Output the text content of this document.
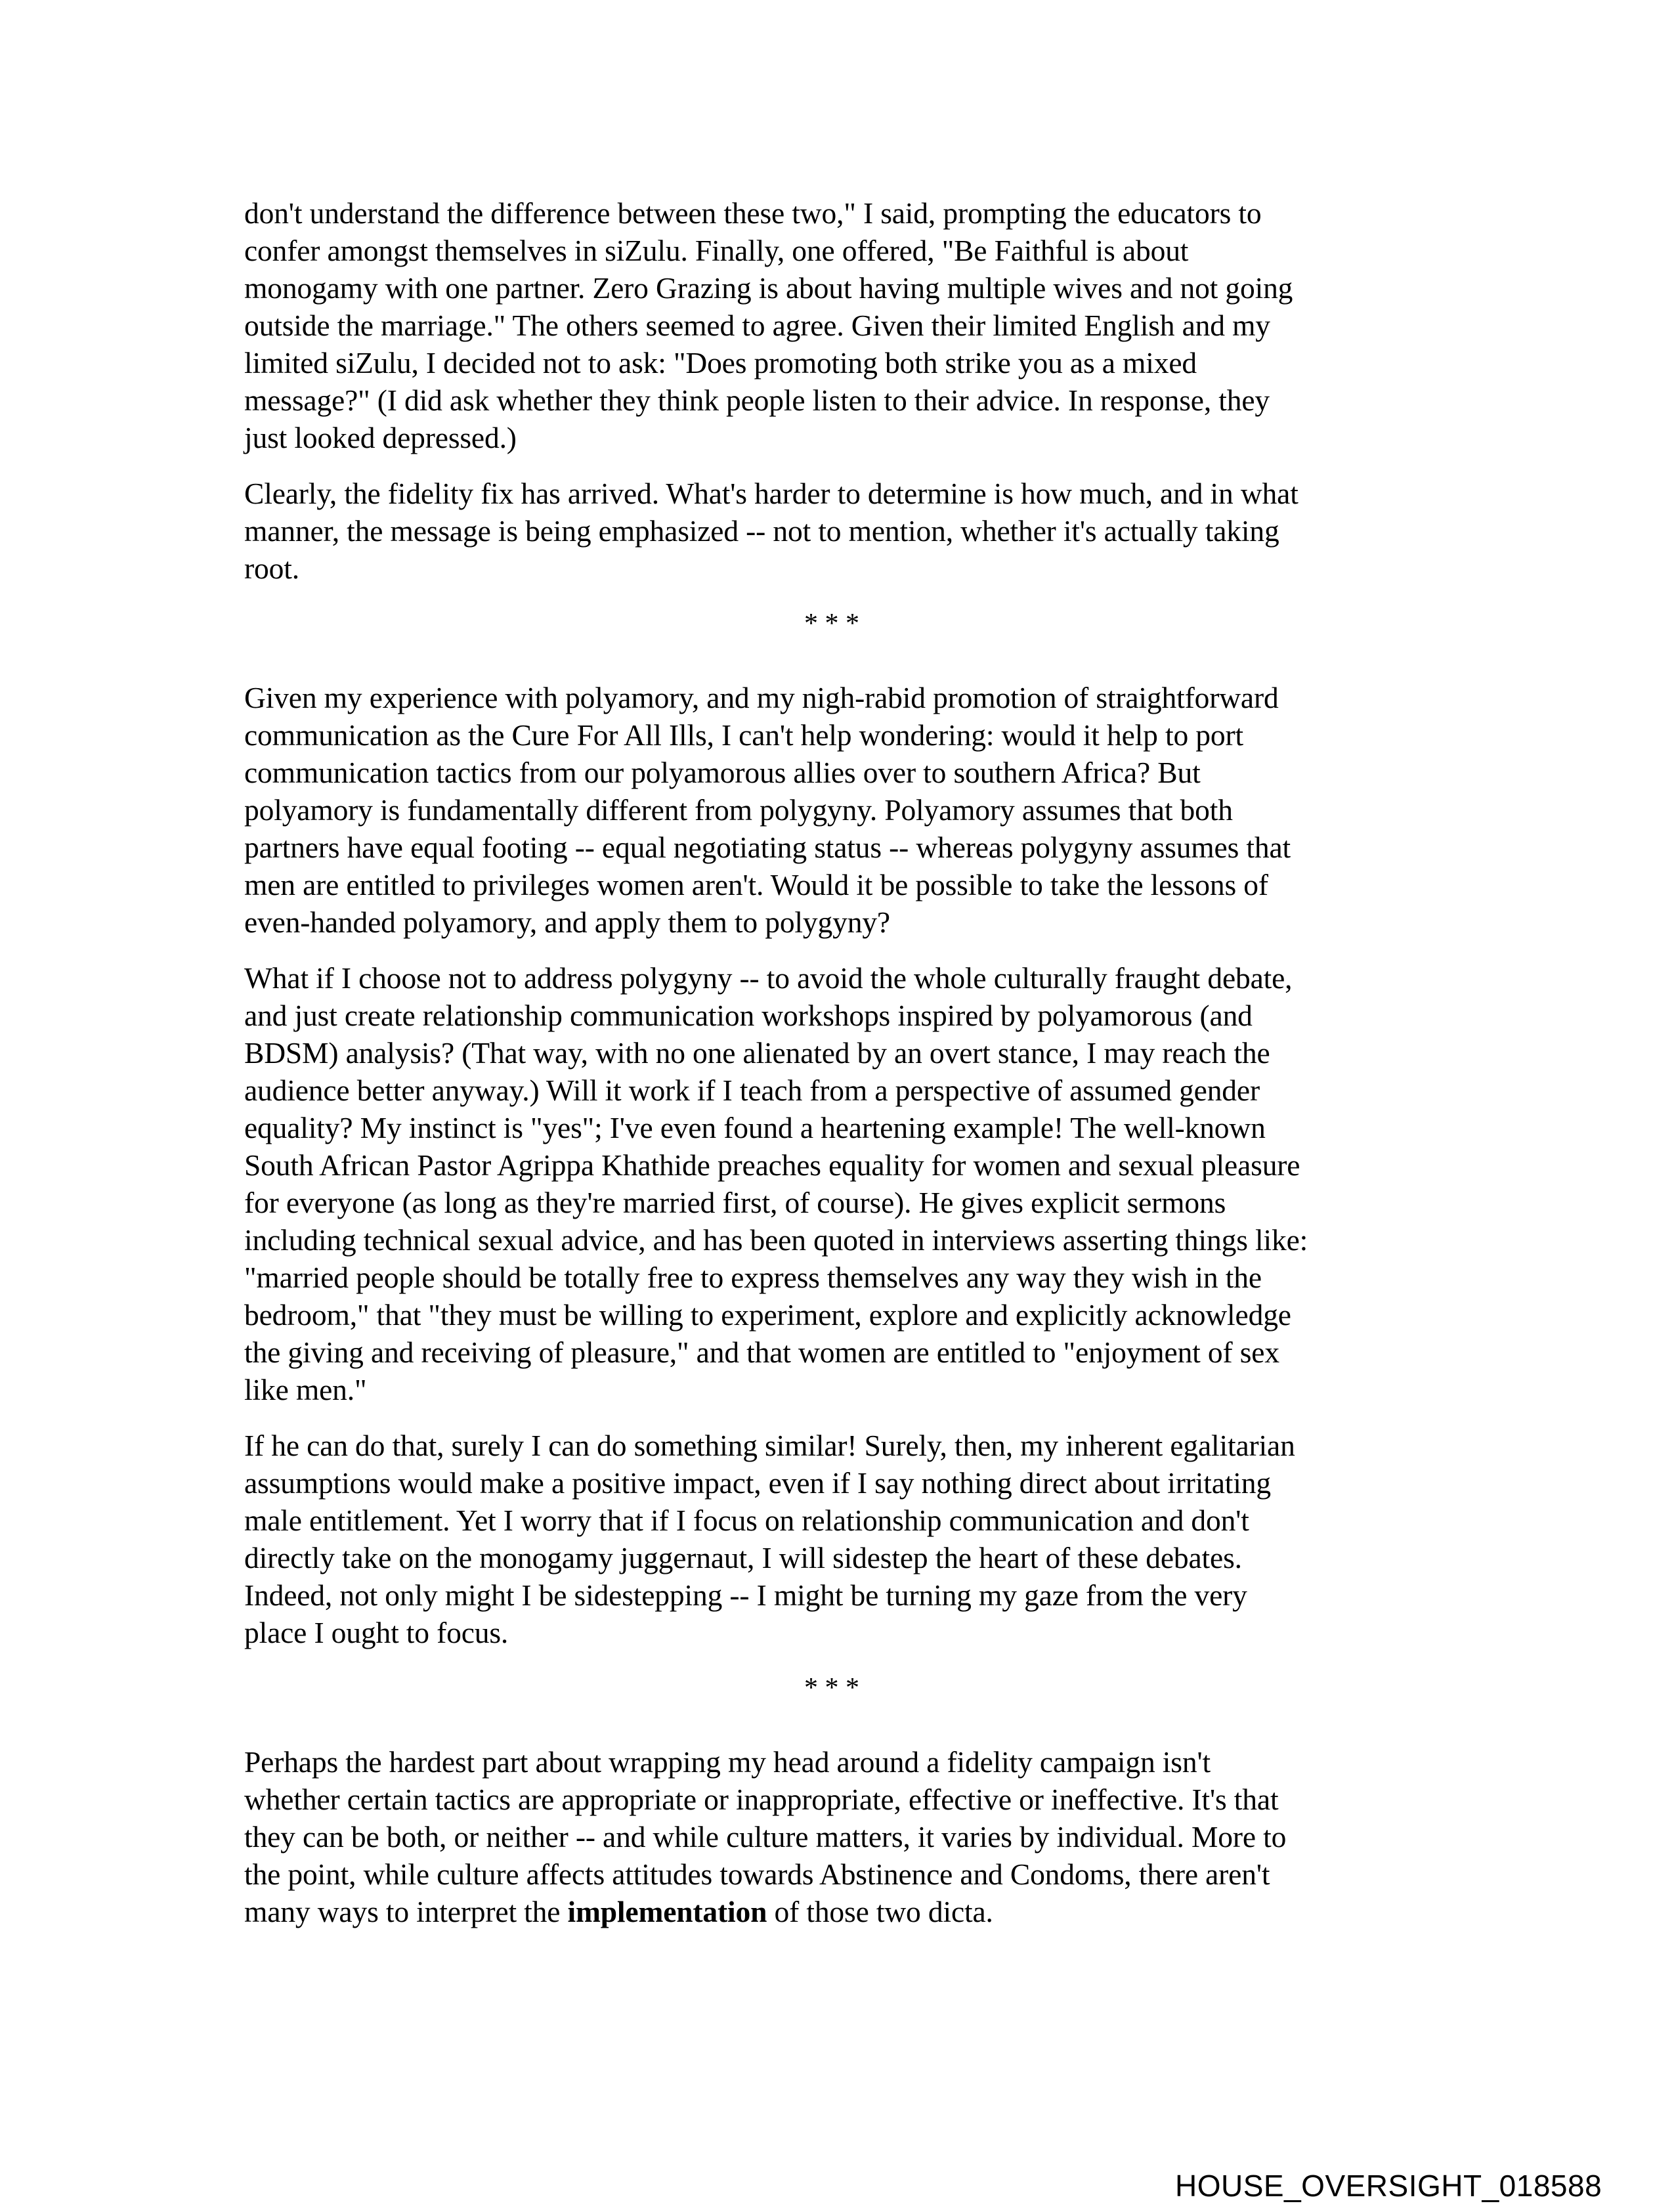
don't understand the difference between these two," I said, prompting the educators to
confer amongst themselves in siZulu. Finally, one offered, "Be Faithful is about
monogamy with one partner. Zero Grazing is about having multiple wives and not going
outside the marriage." The others seemed to agree. Given their limited English and my
limited siZulu, I decided not to ask: "Does promoting both strike you as a mixed
message?" (I did ask whether they think people listen to their advice. In response, they
just looked depressed.)

Clearly, the fidelity fix has arrived. What's harder to determine is how much, and in what
manner, the message is being emphasized -- not to mention, whether it's actually taking
root.

* * *

Given my experience with polyamory, and my nigh-rabid promotion of straightforward
communication as the Cure For All Ills, I can't help wondering: would it help to port
communication tactics from our polyamorous allies over to southern Africa? But
polyamory is fundamentally different from polygyny. Polyamory assumes that both
partners have equal footing -- equal negotiating status -- whereas polygyny assumes that
men are entitled to privileges women aren't. Would it be possible to take the lessons of
even-handed polyamory, and apply them to polygyny?

What if I choose not to address polygyny -- to avoid the whole culturally fraught debate,
and just create relationship communication workshops inspired by polyamorous (and
BDSM) analysis? (That way, with no one alienated by an overt stance, I may reach the
audience better anyway.) Will it work if I teach from a perspective of assumed gender
equality? My instinct is "yes"; I've even found a heartening example! The well-known
South African Pastor Agrippa Khathide preaches equality for women and sexual pleasure
for everyone (as long as they're married first, of course). He gives explicit sermons
including technical sexual advice, and has been quoted in interviews asserting things like:
"married people should be totally free to express themselves any way they wish in the
bedroom," that "they must be willing to experiment, explore and explicitly acknowledge
the giving and receiving of pleasure," and that women are entitled to "enjoyment of sex
like men."

If he can do that, surely I can do something similar! Surely, then, my inherent egalitarian
assumptions would make a positive impact, even if I say nothing direct about irritating
male entitlement. Yet I worry that if I focus on relationship communication and don't
directly take on the monogamy juggernaut, I will sidestep the heart of these debates.
Indeed, not only might I be sidestepping -- I might be turning my gaze from the very
place I ought to focus.

* * *

Perhaps the hardest part about wrapping my head around a fidelity campaign isn't
whether certain tactics are appropriate or inappropriate, effective or ineffective. It's that
they can be both, or neither -- and while culture matters, it varies by individual. More to
the point, while culture affects attitudes towards Abstinence and Condoms, there aren't
many ways to interpret the implementation of those two dicta.

HOUSE_OVERSIGHT_018588
